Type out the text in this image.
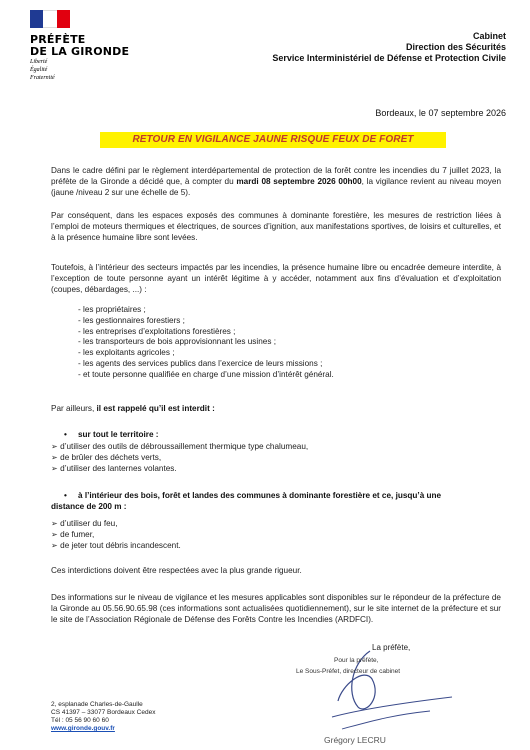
PRÉFÈTE
DE LA GIRONDE
Liberté
Égalité
Fraternité
Cabinet
Direction des Sécurités
Service Interministériel de Défense et Protection Civile
Bordeaux, le 07 septembre 2026
RETOUR EN VIGILANCE JAUNE RISQUE FEUX DE FORET
Dans le cadre défini par le règlement interdépartemental de protection de la forêt contre les incendies du 7 juillet 2023, la préfète de la Gironde a décidé que, à compter du mardi 08 septembre 2026 00h00, la vigilance revient au niveau moyen (jaune /niveau 2 sur une échelle de 5).
Par conséquent, dans les espaces exposés des communes à dominante forestière, les mesures de restriction liées à l’emploi de moteurs thermiques et électriques, de sources d’ignition, aux manifestations sportives, de loisirs et culturelles, et à la présence humaine libre sont levées.
Toutefois, à l’intérieur des secteurs impactés par les incendies, la présence humaine libre ou encadrée demeure interdite, à l’exception de toute personne ayant un intérêt légitime à y accéder, notamment aux fins d’évaluation et d’exploitation (coupes, débardages, ...) :
- les propriétaires ;
- les gestionnaires forestiers ;
- les entreprises d’exploitations forestières ;
- les transporteurs de bois approvisionnant les usines ;
- les exploitants agricoles ;
- les agents des services publics dans l’exercice de leurs missions ;
- et toute personne qualifiée en charge d’une mission d’intérêt général.
Par ailleurs, il est rappelé qu’il est interdit :
• sur tout le territoire :
➢ d’utiliser des outils de débroussaillement thermique type chalumeau,
➢ de brûler des déchets verts,
➢ d’utiliser des lanternes volantes.
• à l’intérieur des bois, forêt et landes des communes à dominante forestière et ce, jusqu’à une
distance de 200 m :
➢ d’utiliser du feu,
➢ de fumer,
➢ de jeter tout débris incandescent.
Ces interdictions doivent être respectées avec la plus grande rigueur.
Des informations sur le niveau de vigilance et les mesures applicables sont disponibles sur le répondeur de la préfecture de la Gironde au 05.56.90.65.98 (ces informations sont actualisées quotidiennement), sur le site internet de la préfecture et sur le site de l’Association Régionale de Défense des Forêts Contre les Incendies (ARDFCI).
La préfète,
Pour la préfète,
Le Sous-Préfet, directeur de cabinet
Grégory LECRU
2, esplanade Charles-de-Gaulle
CS 41397 – 33077 Bordeaux Cedex
Tél : 05 56 90 60 60
www.gironde.gouv.fr
